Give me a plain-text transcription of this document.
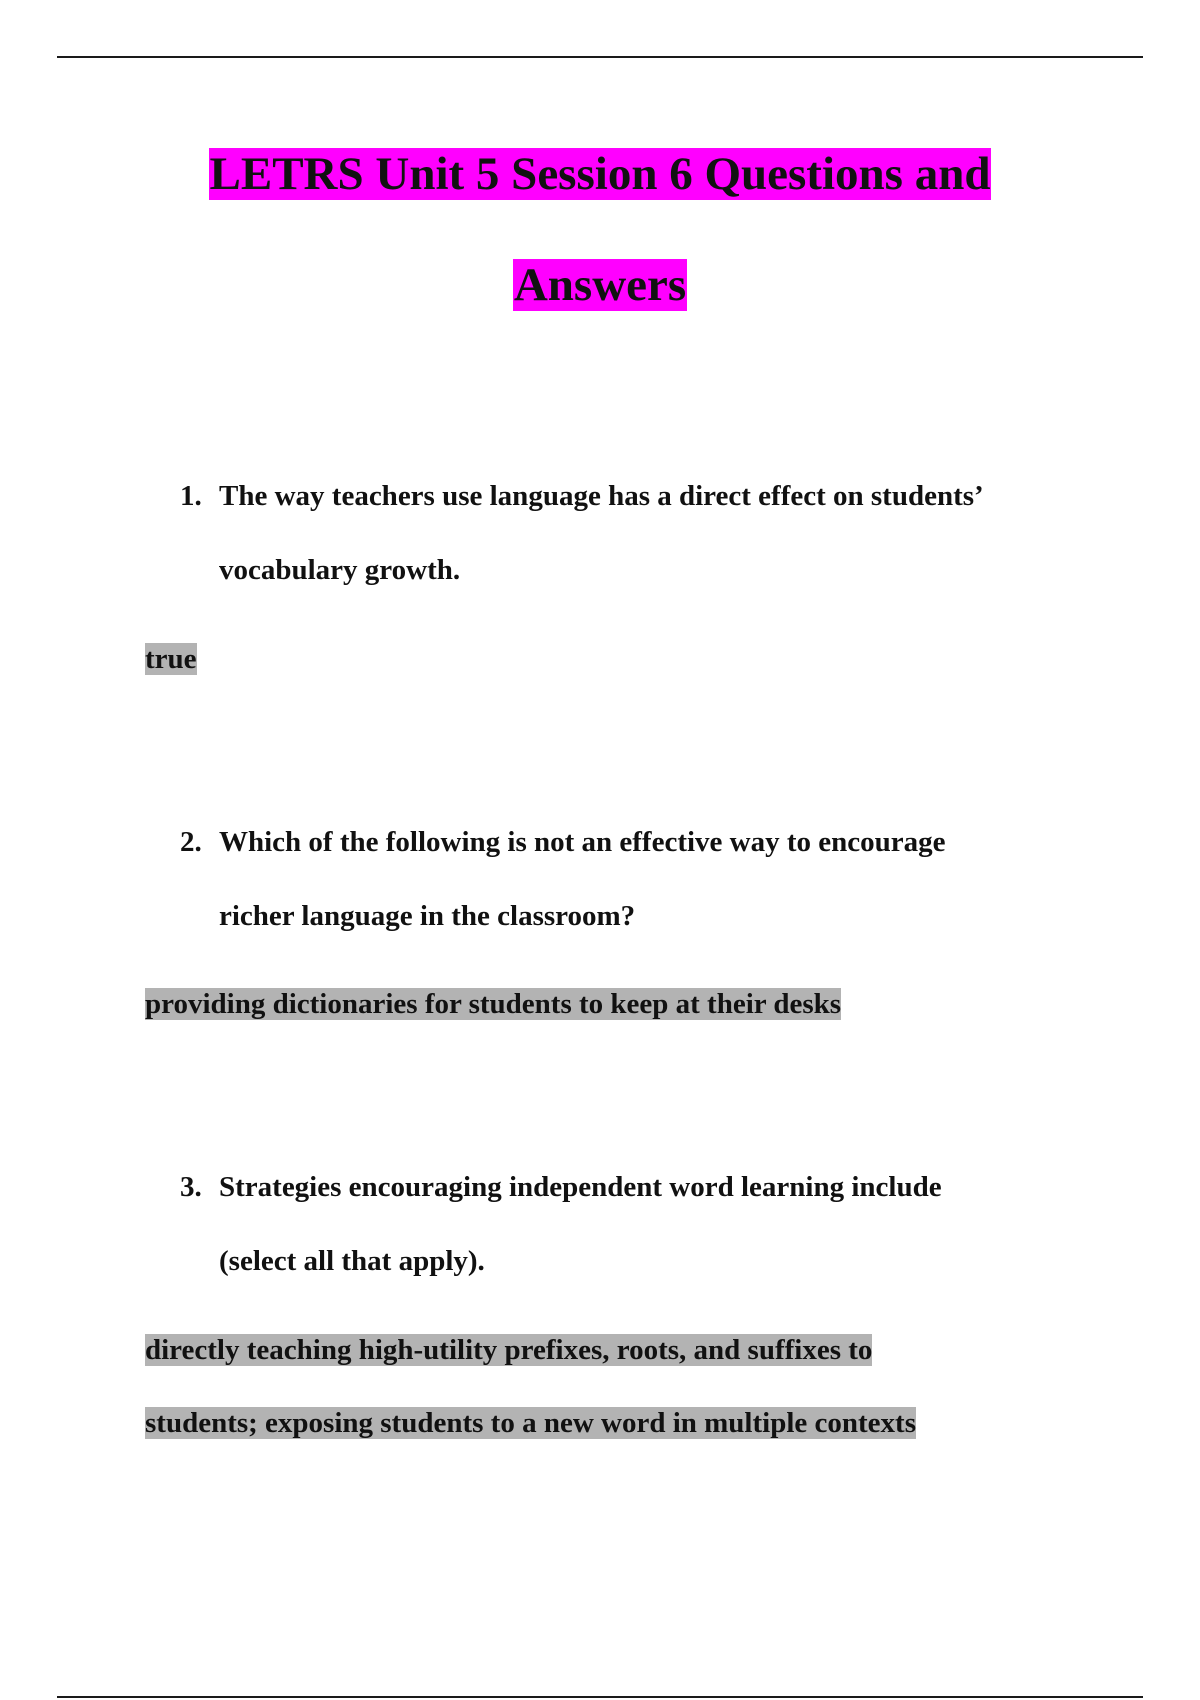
LETRS Unit 5 Session 6 Questions and
Answers
1. The way teachers use language has a direct effect on students’
vocabulary growth.
true
2. Which of the following is not an effective way to encourage
richer language in the classroom?
providing dictionaries for students to keep at their desks
3. Strategies encouraging independent word learning include
(select all that apply).
directly teaching high-utility prefixes, roots, and suffixes to
students; exposing students to a new word in multiple contexts
